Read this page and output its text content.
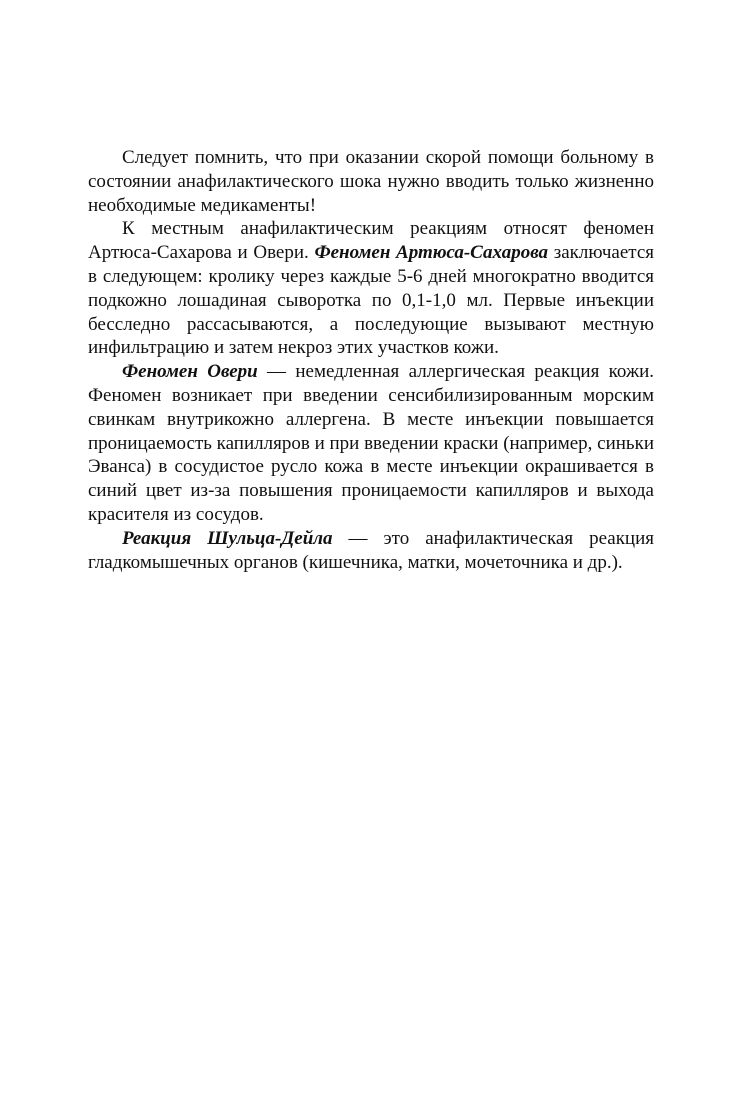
Следует помнить, что при оказании скорой помощи больному в состоянии анафилактического шока нужно вводить только жизненно необходимые медикаменты!

К местным анафилактическим реакциям относят феномен Артюса-Сахарова и Овери. Феномен Артюса-Сахарова заключается в следующем: кролику через каждые 5-6 дней многократно вводится подкожно лошадиная сыворотка по 0,1-1,0 мл. Первые инъекции бесследно рассасываются, а последующие вызывают местную инфильтрацию и затем некроз этих участков кожи.

Феномен Овери — немедленная аллергическая реакция кожи. Феномен возникает при введении сенсибилизированным морским свинкам внутрикожно аллергена. В месте инъекции повышается проницаемость капилляров и при введении краски (например, синьки Эванса) в сосудистое русло кожа в месте инъекции окрашивается в синий цвет из-за повышения проницаемости капилляров и выхода красителя из сосудов.

Реакция Шульца-Дейла — это анафилактическая реакция гладкомышечных органов (кишечника, матки, мочеточника и др.).
